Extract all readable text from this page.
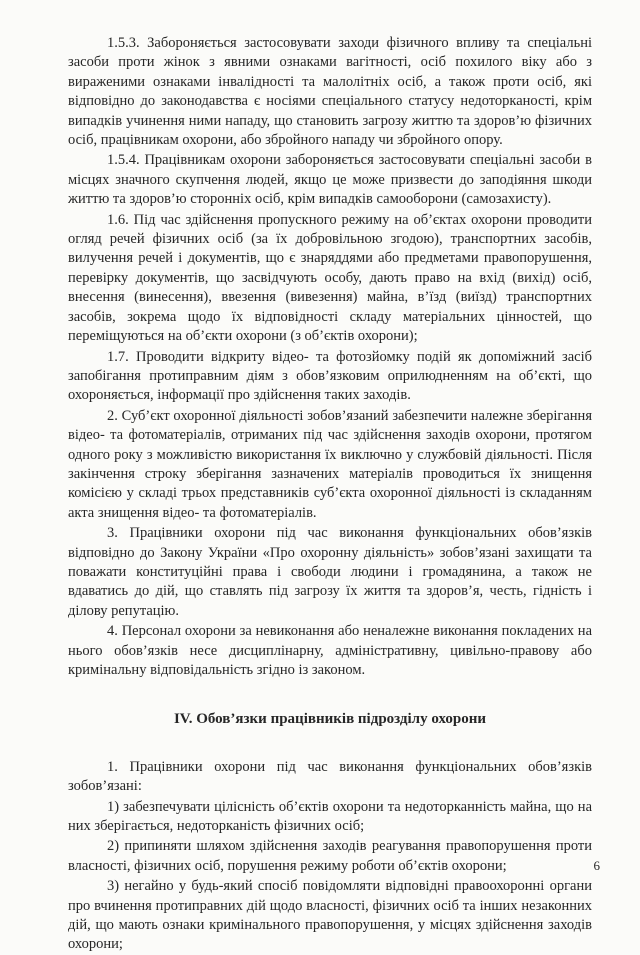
1.5.3. Забороняється застосовувати заходи фізичного впливу та спеціальні засоби проти жінок з явними ознаками вагітності, осіб похилого віку або з вираженими ознаками інвалідності та малолітніх осіб, а також проти осіб, які відповідно до законодавства є носіями спеціального статусу недоторканості, крім випадків учинення ними нападу, що становить загрозу життю та здоров’ю фізичних осіб, працівникам охорони, або збройного нападу чи збройного опору.

1.5.4. Працівникам охорони забороняється застосовувати спеціальні засоби в місцях значного скупчення людей, якщо це може призвести до заподіяння шкоди життю та здоров’ю сторонніх осіб, крім випадків самооборони (самозахисту).

1.6. Під час здійснення пропускного режиму на об’єктах охорони проводити огляд речей фізичних осіб (за їх добровільною згодою), транспортних засобів, вилучення речей і документів, що є знаряддями або предметами правопорушення, перевірку документів, що засвідчують особу, дають право на вхід (вихід) осіб, внесення (винесення), ввезення (вивезення) майна, в’їзд (виїзд) транспортних засобів, зокрема щодо їх відповідності складу матеріальних цінностей, що переміщуються на об’єкти охорони (з об’єктів охорони);

1.7. Проводити відкриту відео- та фотозйомку подій як допоміжний засіб запобігання протиправним діям з обов’язковим оприлюдненням на об’єкті, що охороняється, інформації про здійснення таких заходів.

2. Суб’єкт охоронної діяльності зобов’язаний забезпечити належне зберігання відео- та фотоматеріалів, отриманих під час здійснення заходів охорони, протягом одного року з можливістю використання їх виключно у службовій діяльності. Після закінчення строку зберігання зазначених матеріалів проводиться їх знищення комісією у складі трьох представників суб’єкта охоронної діяльності із складанням акта знищення відео- та фотоматеріалів.

3. Працівники охорони під час виконання функціональних обов’язків відповідно до Закону України «Про охоронну діяльність» зобов’язані захищати та поважати конституційні права і свободи людини і громадянина, а також не вдаватись до дій, що ставлять під загрозу їх життя та здоров’я, честь, гідність і ділову репутацію.

4. Персонал охорони за невиконання або неналежне виконання покладених на нього обов’язків несе дисциплінарну, адміністративну, цивільно-правову або кримінальну відповідальність згідно із законом.

IV. Обов’язки працівників підрозділу охорони

1. Працівники охорони під час виконання функціональних обов’язків зобов’язані:

1) забезпечувати цілісність об’єктів охорони та недоторканність майна, що на них зберігається, недоторканість фізичних осіб;

2) припиняти шляхом здійснення заходів реагування правопорушення проти власності, фізичних осіб, порушення режиму роботи об’єктів охорони;

3) негайно у будь-який спосіб повідомляти відповідні правоохоронні органи про вчинення протиправних дій щодо власності, фізичних осіб та інших незаконних дій, що мають ознаки кримінального правопорушення, у місцях здійснення заходів охорони;

6
